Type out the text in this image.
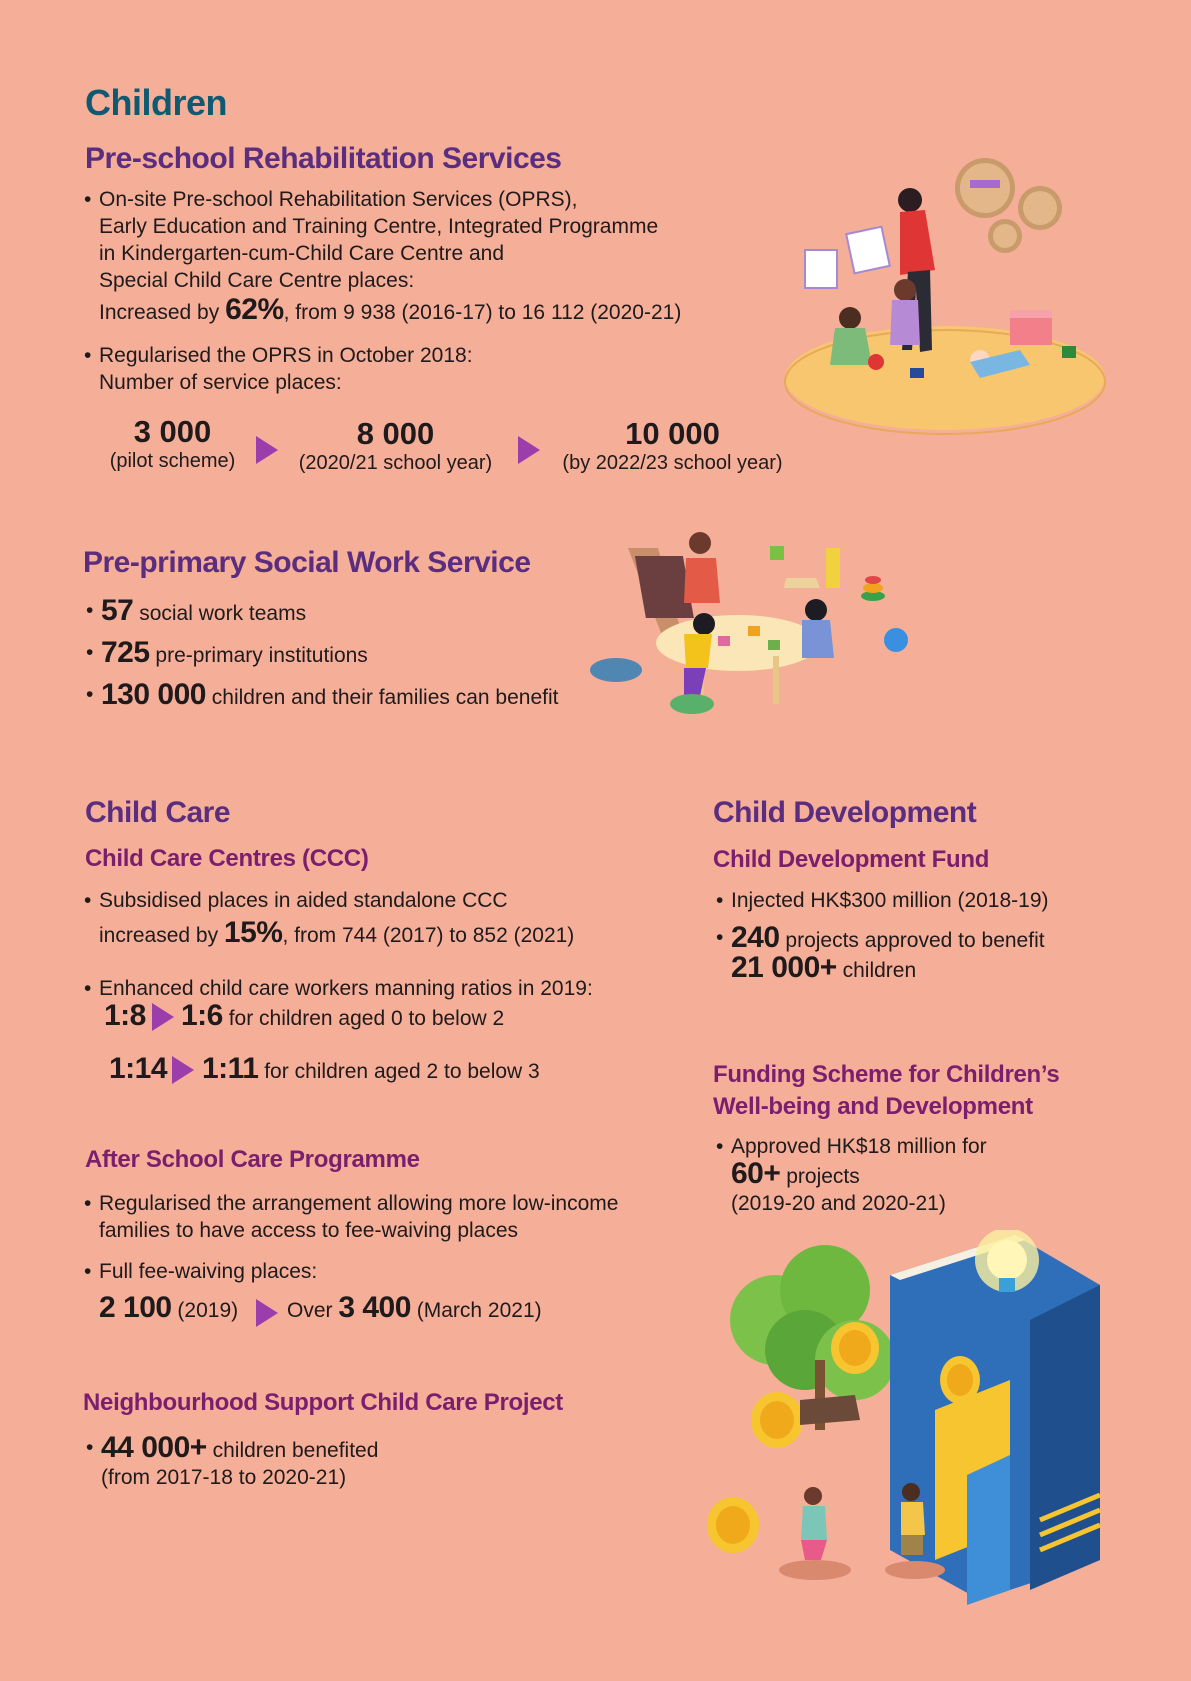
Children
Pre-school Rehabilitation Services
• On-site Pre-school Rehabilitation Services (OPRS),
Early Education and Training Centre, Integrated Programme
in Kindergarten-cum-Child Care Centre and
Special Child Care Centre places:
Increased by 62%, from 9 938 (2016-17) to 16 112 (2020-21)
• Regularised the OPRS in October 2018:
Number of service places:
3 000
(pilot scheme)
8 000
(2020/21 school year)
10 000
(by 2022/23 school year)
Pre-primary Social Work Service
• 57 social work teams
• 725 pre-primary institutions
• 130 000 children and their families can benefit
Child Care
Child Care Centres (CCC)
• Subsidised places in aided standalone CCC
increased by 15%, from 744 (2017) to 852 (2021)
• Enhanced child care workers manning ratios in 2019:
1:8 1:6 for children aged 0 to below 2
1:14 1:11 for children aged 2 to below 3
After School Care Programme
• Regularised the arrangement allowing more low-income
families to have access to fee-waiving places
• Full fee-waiving places:
2 100 (2019) Over 3 400 (March 2021)
Neighbourhood Support Child Care Project
• 44 000+ children benefited
(from 2017-18 to 2020-21)
Child Development
Child Development Fund
• Injected HK$300 million (2018-19)
• 240 projects approved to benefit
21 000+ children
Funding Scheme for Children’s
Well-being and Development
• Approved HK$18 million for
60+ projects
(2019-20 and 2020-21)
